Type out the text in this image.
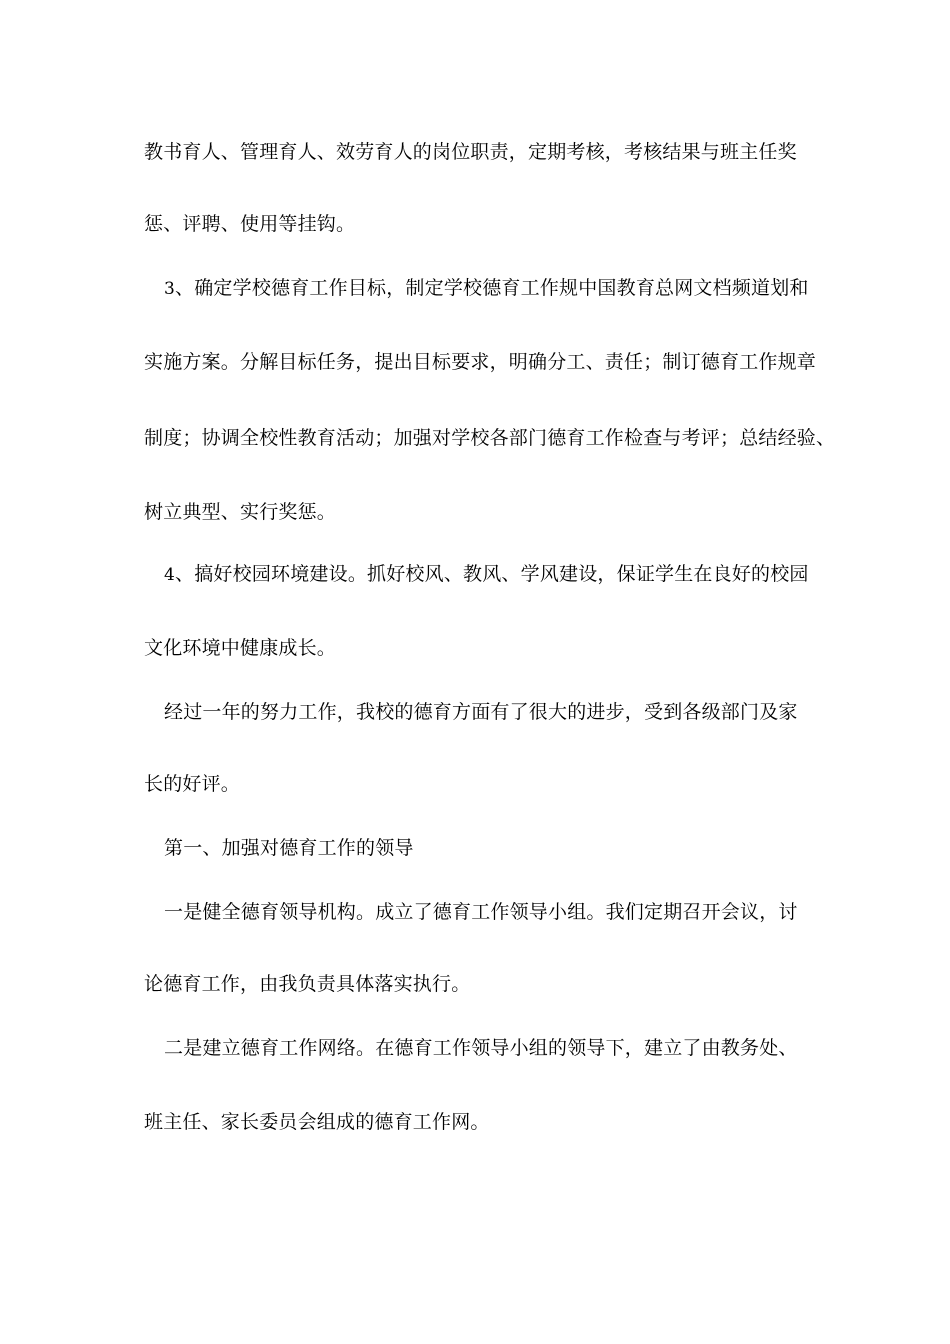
教书育人、管理育人、效劳育人的岗位职责，定期考核，考核结果与班主任奖
惩、评聘、使用等挂钩。
3、确定学校德育工作目标，制定学校德育工作规中国教育总网文档频道划和
实施方案。分解目标任务，提出目标要求，明确分工、责任；制订德育工作规章
制度；协调全校性教育活动；加强对学校各部门德育工作检查与考评；总结经验、
树立典型、实行奖惩。
4、搞好校园环境建设。抓好校风、教风、学风建设，保证学生在良好的校园
文化环境中健康成长。
经过一年的努力工作，我校的德育方面有了很大的进步，受到各级部门及家
长的好评。
第一、加强对德育工作的领导
一是健全德育领导机构。成立了德育工作领导小组。我们定期召开会议，讨
论德育工作，由我负责具体落实执行。
二是建立德育工作网络。在德育工作领导小组的领导下，建立了由教务处、
班主任、家长委员会组成的德育工作网。
